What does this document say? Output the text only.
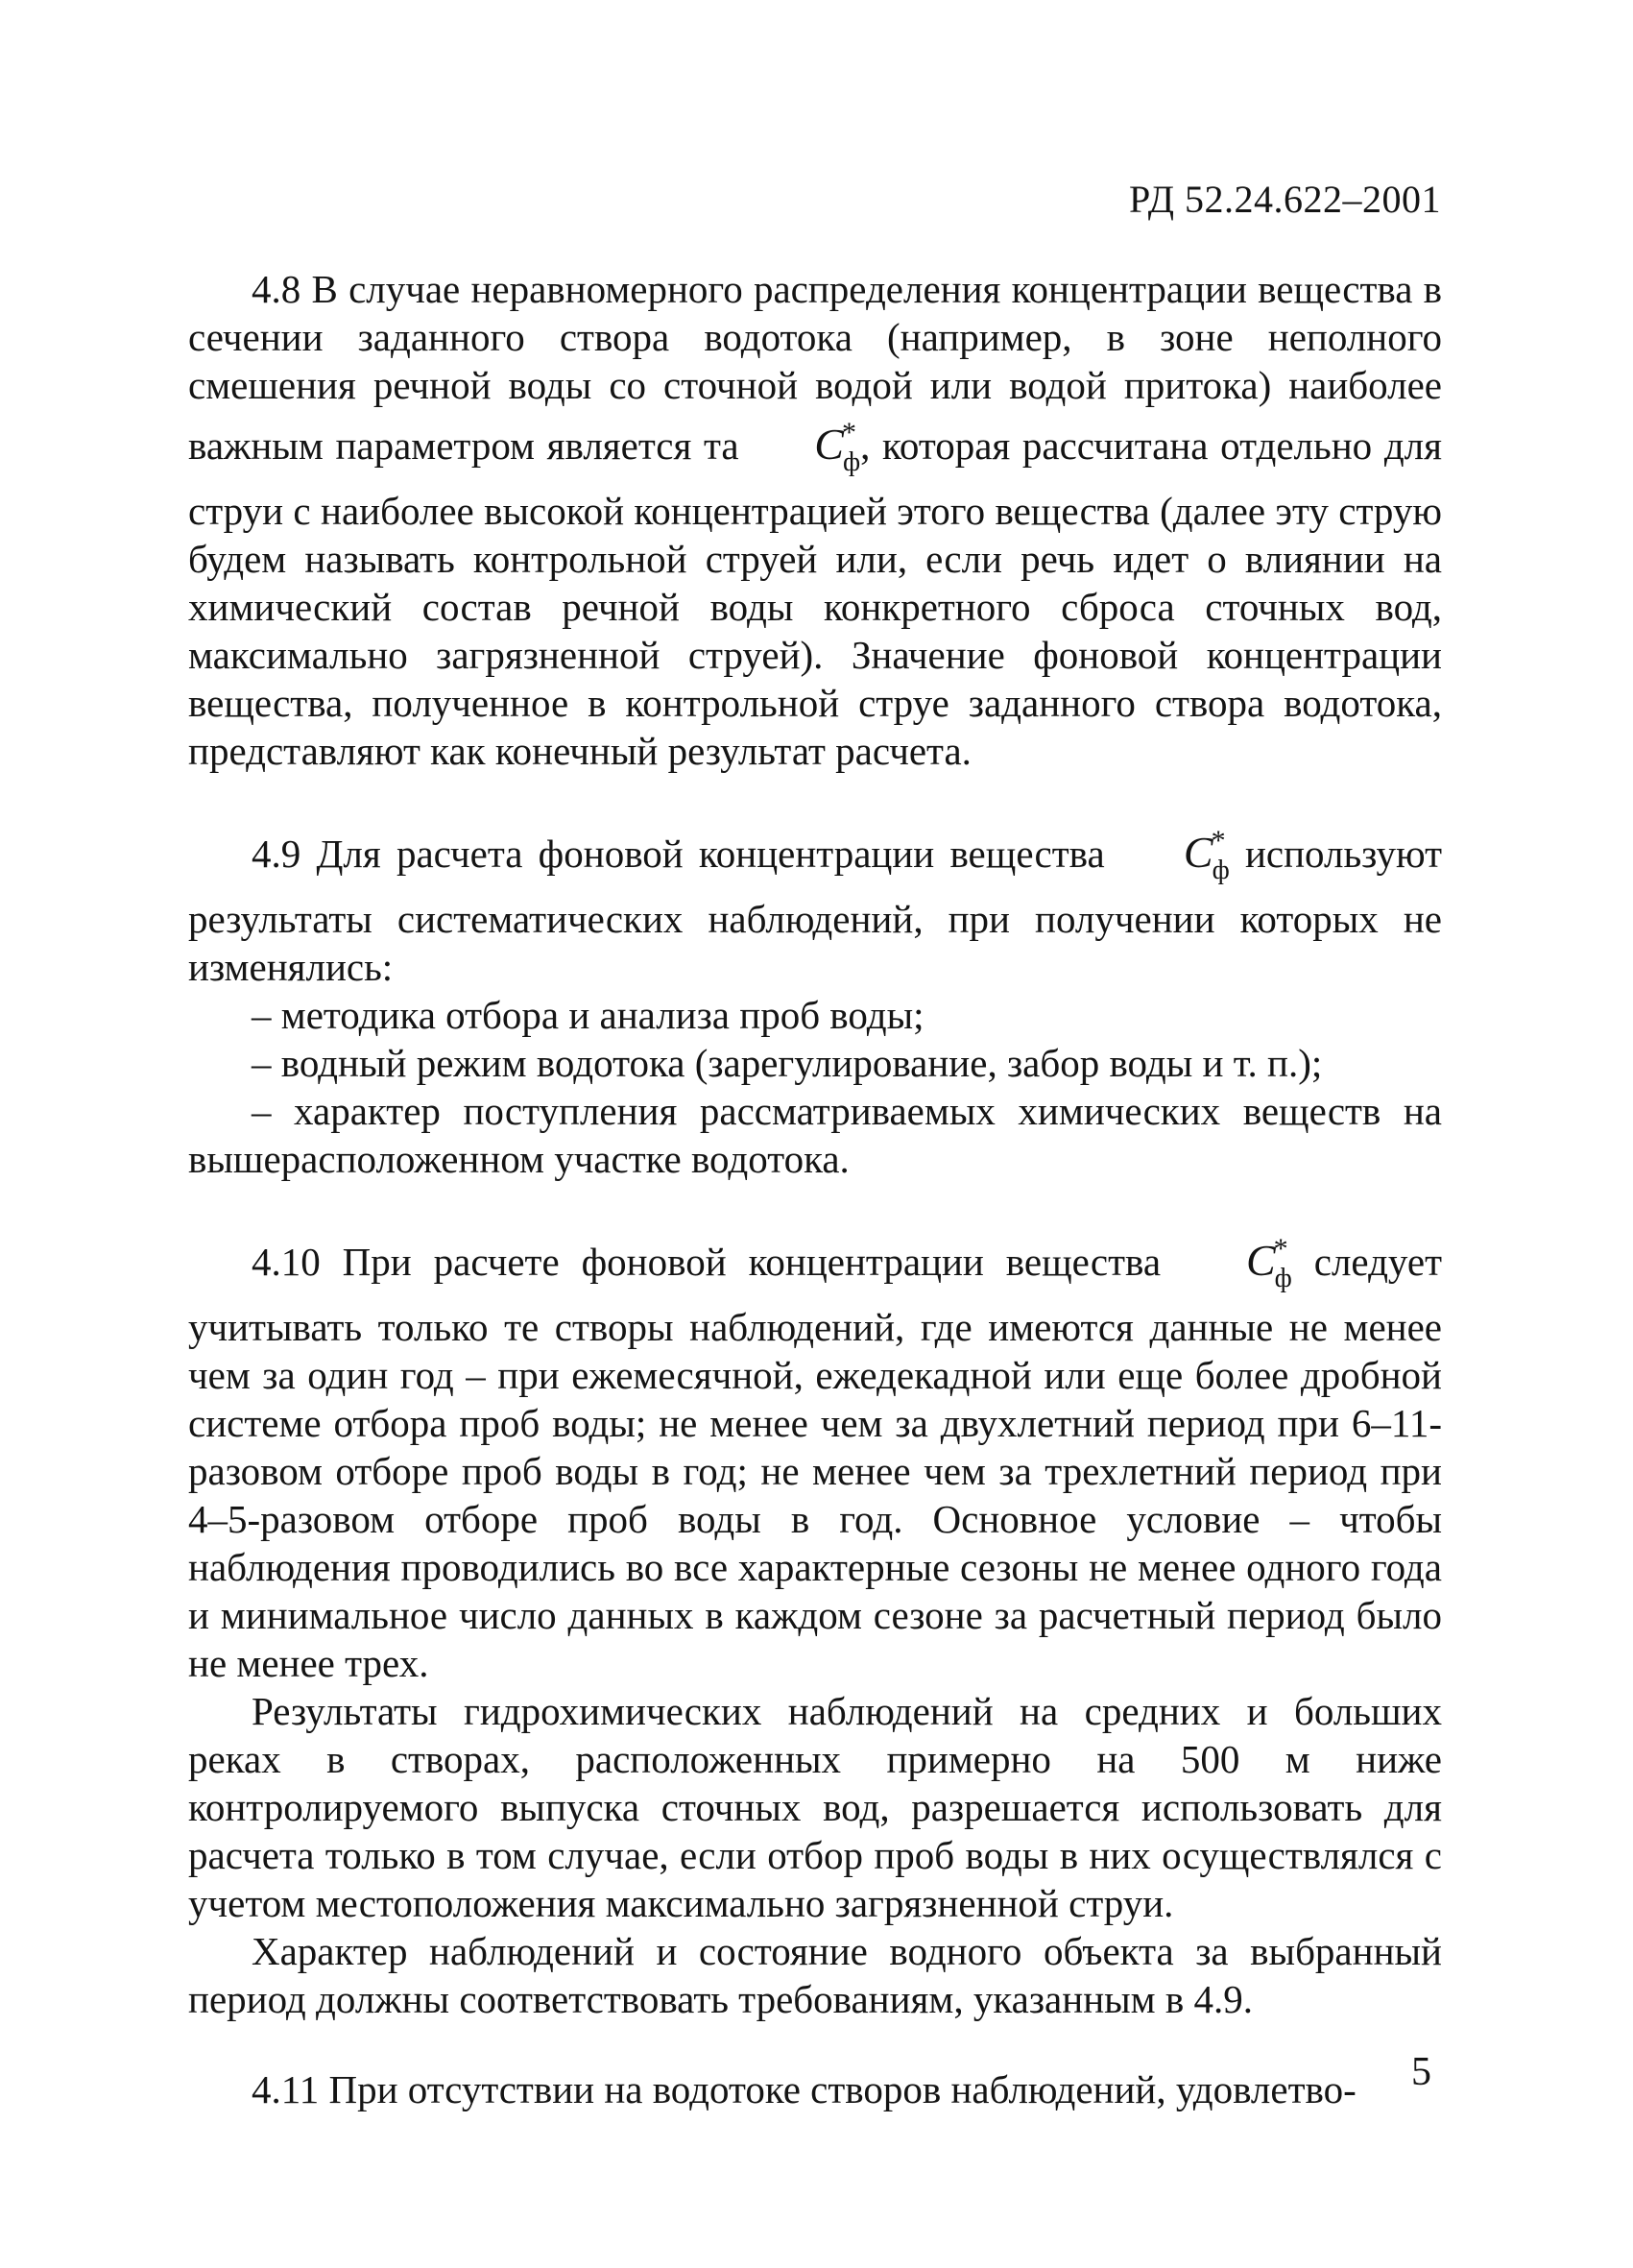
РД 52.24.622–2001

4.8 В случае неравномерного распределения концентрации вещества в сечении заданного створа водотока (например, в зоне неполного смешения речной воды со сточной водой или водой притока) наиболее важным параметром является та $C^*_ф$, которая рассчитана отдельно для струи с наиболее высокой концентрацией этого вещества (далее эту струю будем называть контрольной струей или, если речь идет о влиянии на химический состав речной воды конкретного сброса сточных вод, максимально загрязненной струей). Значение фоновой концентрации вещества, полученное в контрольной струе заданного створа водотока, представляют как конечный результат расчета.

4.9 Для расчета фоновой концентрации вещества $C^*_ф$ используют результаты систематических наблюдений, при получении которых не изменялись:

– методика отбора и анализа проб воды;

– водный режим водотока (зарегулирование, забор воды и т. п.);

– характер поступления рассматриваемых химических веществ на вышерасположенном участке водотока.

4.10 При расчете фоновой концентрации вещества $C^*_ф$ следует учитывать только те створы наблюдений, где имеются данные не менее чем за один год – при ежемесячной, ежедекадной или еще более дробной системе отбора проб воды; не менее чем за двухлетний период при 6–11-разовом отборе проб воды в год; не менее чем за трехлетний период при 4–5-разовом отборе проб воды в год. Основное условие – чтобы наблюдения проводились во все характерные сезоны не менее одного года и минимальное число данных в каждом сезоне за расчетный период было не менее трех.

Результаты гидрохимических наблюдений на средних и больших реках в створах, расположенных примерно на 500 м ниже контролируемого выпуска сточных вод, разрешается использовать для расчета только в том случае, если отбор проб воды в них осуществлялся с учетом местоположения максимально загрязненной струи.

Характер наблюдений и состояние водного объекта за выбранный период должны соответствовать требованиям, указанным в 4.9.

4.11 При отсутствии на водотоке створов наблюдений, удовлетво-	5
